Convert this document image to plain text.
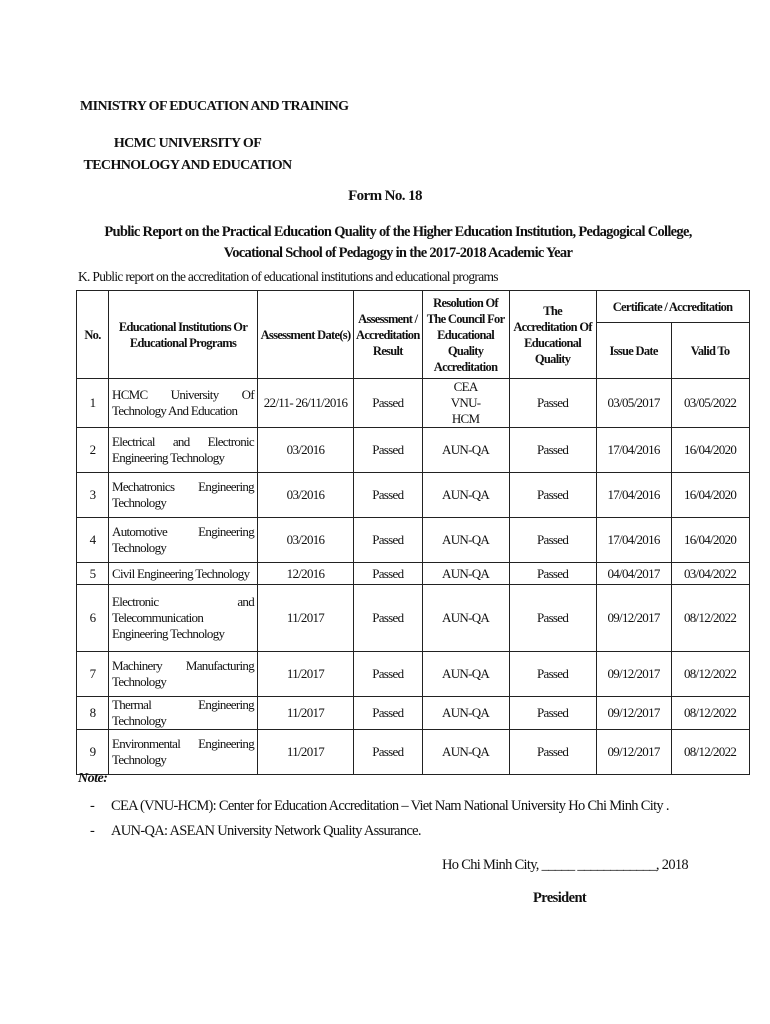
MINISTRY OF EDUCATION AND TRAINING
HCMC UNIVERSITY OF TECHNOLOGY AND EDUCATION
Form No. 18
Public Report on the Practical Education Quality of the Higher Education Institution, Pedagogical College, Vocational School of Pedagogy in the 2017-2018 Academic Year
K. Public report on the accreditation of educational institutions and educational programs
No.	Educational Institutions Or Educational Programs	Assessment Date(s)	Assessment / Accreditation Result	Resolution Of The Council For Educational Quality Accreditation	The Accreditation Of Educational Quality	Certificate / Accreditation	
						Issue Date	Valid To
1	HCMC University Of Technology And Education	22/11- 26/11/2016	Passed	CEA VNU-HCM	Passed	03/05/2017	03/05/2022
2	Electrical and Electronic Engineering Technology	03/2016	Passed	AUN-QA	Passed	17/04/2016	16/04/2020
3	Mechatronics Engineering Technology	03/2016	Passed	AUN-QA	Passed	17/04/2016	16/04/2020
4	Automotive Engineering Technology	03/2016	Passed	AUN-QA	Passed	17/04/2016	16/04/2020
5	Civil Engineering Technology	12/2016	Passed	AUN-QA	Passed	04/04/2017	03/04/2022
6	Electronic and Telecommunication Engineering Technology	11/2017	Passed	AUN-QA	Passed	09/12/2017	08/12/2022
7	Machinery Manufacturing Technology	11/2017	Passed	AUN-QA	Passed	09/12/2017	08/12/2022
8	Thermal Engineering Technology	11/2017	Passed	AUN-QA	Passed	09/12/2017	08/12/2022
9	Environmental Engineering Technology	11/2017	Passed	AUN-QA	Passed	09/12/2017	08/12/2022
Note:
- CEA (VNU-HCM): Center for Education Accreditation – Viet Nam National University Ho Chi Minh City .
- AUN-QA: ASEAN University Network Quality Assurance.
Ho Chi Minh City, _____ ____________, 2018
President
